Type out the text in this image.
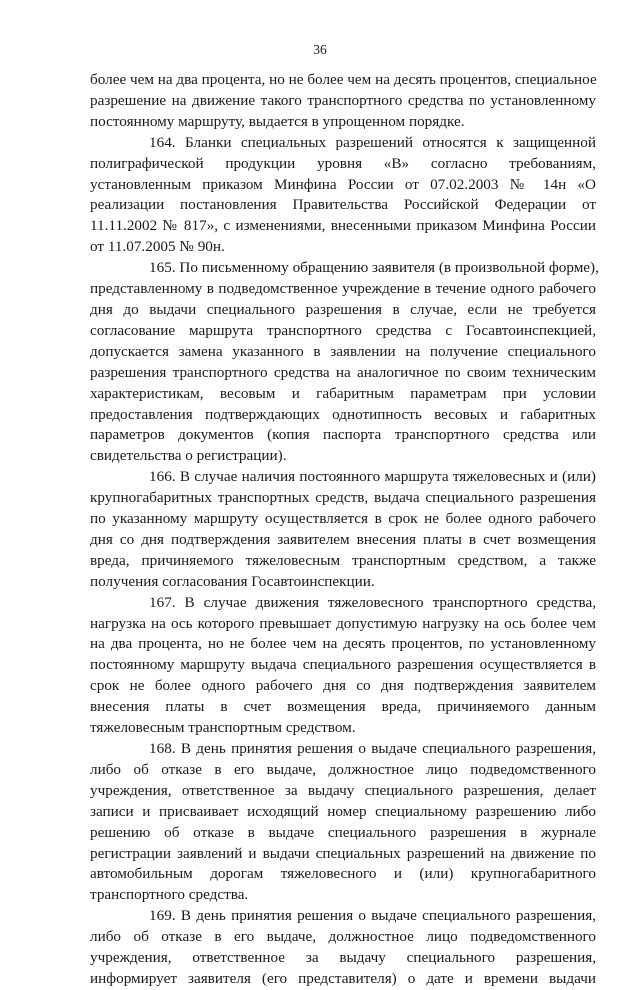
36
более чем на два процента, но не более чем на десять процентов, специальное
разрешение на движение такого транспортного средства по установленному
постоянному маршруту, выдается в упрощенном порядке.
164. Бланки специальных разрешений относятся к защищенной
полиграфической продукции уровня «В» согласно требованиям,
установленным приказом Минфина России от 07.02.2003 № 14н «О
реализации постановления Правительства Российской Федерации от
11.11.2002 № 817», с изменениями, внесенными приказом Минфина России
от 11.07.2005 № 90н.
165. По письменному обращению заявителя (в произвольной форме),
представленному в подведомственное учреждение в течение одного рабочего
дня до выдачи специального разрешения в случае, если не требуется
согласование маршрута транспортного средства с Госавтоинспекцией,
допускается замена указанного в заявлении на получение специального
разрешения транспортного средства на аналогичное по своим техническим
характеристикам, весовым и габаритным параметрам при условии
предоставления подтверждающих однотипность весовых и габаритных
параметров документов (копия паспорта транспортного средства или
свидетельства о регистрации).
166. В случае наличия постоянного маршрута тяжеловесных и (или)
крупногабаритных транспортных средств, выдача специального разрешения
по указанному маршруту осуществляется в срок не более одного рабочего
дня со дня подтверждения заявителем внесения платы в счет возмещения
вреда, причиняемого тяжеловесным транспортным средством, а также
получения согласования Госавтоинспекции.
167. В случае движения тяжеловесного транспортного средства,
нагрузка на ось которого превышает допустимую нагрузку на ось более чем
на два процента, но не более чем на десять процентов, по установленному
постоянному маршруту выдача специального разрешения осуществляется в
срок не более одного рабочего дня со дня подтверждения заявителем
внесения платы в счет возмещения вреда, причиняемого данным
тяжеловесным транспортным средством.
168. В день принятия решения о выдаче специального разрешения,
либо об отказе в его выдаче, должностное лицо подведомственного
учреждения, ответственное за выдачу специального разрешения, делает
записи и присваивает исходящий номер специальному разрешению либо
решению об отказе в выдаче специального разрешения в журнале
регистрации заявлений и выдачи специальных разрешений на движение по
автомобильным дорогам тяжеловесного и (или) крупногабаритного
транспортного средства.
169. В день принятия решения о выдаче специального разрешения,
либо об отказе в его выдаче, должностное лицо подведомственного
учреждения, ответственное за выдачу специального разрешения,
информирует заявителя (его представителя) о дате и времени выдачи
